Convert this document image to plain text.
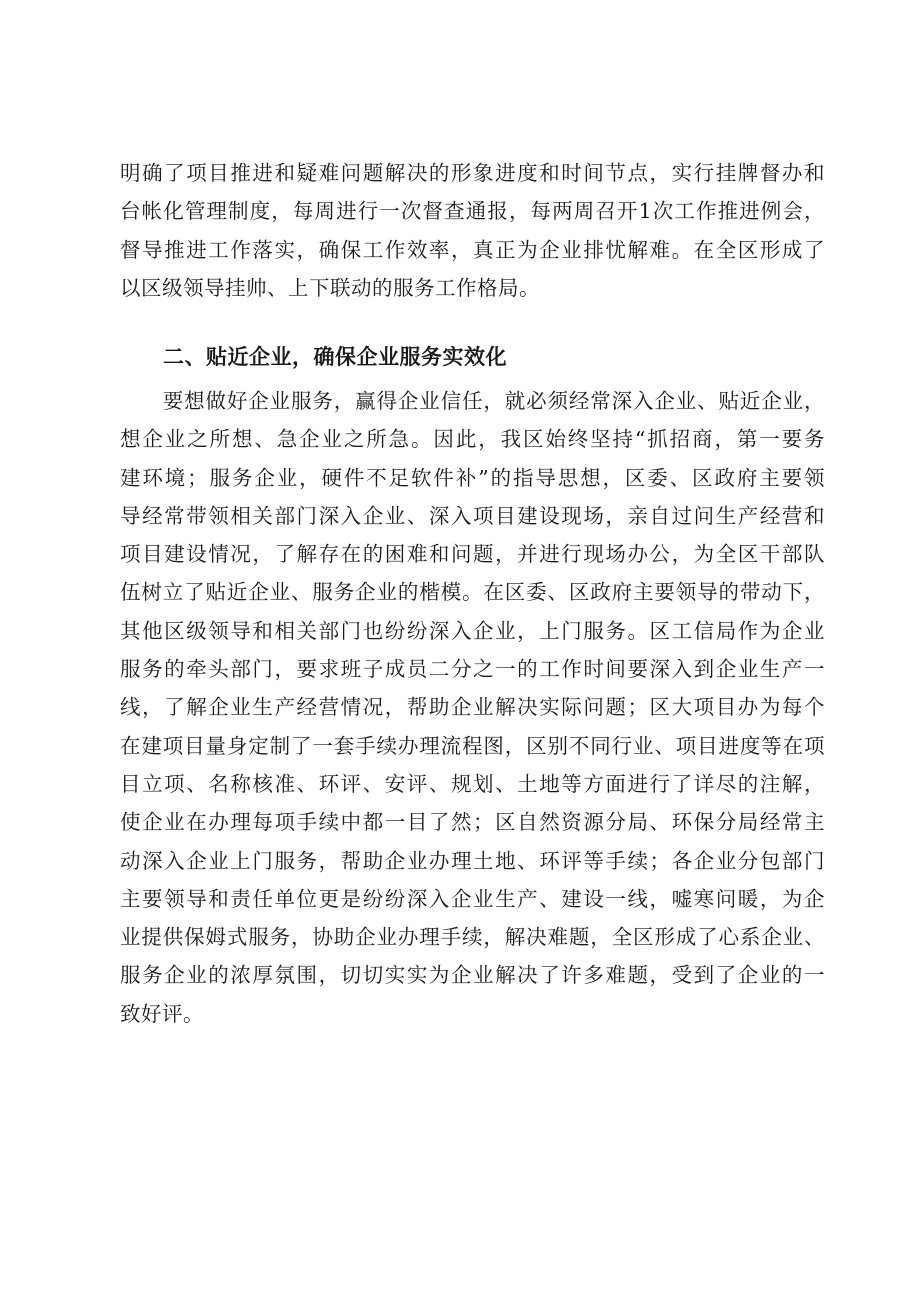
明确了项目推进和疑难问题解决的形象进度和时间节点，实行挂牌督办和
台帐化管理制度，每周进行一次督查通报，每两周召开1次工作推进例会，
督导推进工作落实，确保工作效率，真正为企业排忧解难。在全区形成了
以区级领导挂帅、上下联动的服务工作格局。

二、贴近企业，确保企业服务实效化

　　要想做好企业服务，赢得企业信任，就必须经常深入企业、贴近企业，
想企业之所想、急企业之所急。因此，我区始终坚持“抓招商，第一要务
建环境；服务企业，硬件不足软件补”的指导思想，区委、区政府主要领
导经常带领相关部门深入企业、深入项目建设现场，亲自过问生产经营和
项目建设情况，了解存在的困难和问题，并进行现场办公，为全区干部队
伍树立了贴近企业、服务企业的楷模。在区委、区政府主要领导的带动下，
其他区级领导和相关部门也纷纷深入企业，上门服务。区工信局作为企业
服务的牵头部门，要求班子成员二分之一的工作时间要深入到企业生产一
线，了解企业生产经营情况，帮助企业解决实际问题；区大项目办为每个
在建项目量身定制了一套手续办理流程图，区别不同行业、项目进度等在项
目立项、名称核准、环评、安评、规划、土地等方面进行了详尽的注解，
使企业在办理每项手续中都一目了然；区自然资源分局、环保分局经常主
动深入企业上门服务，帮助企业办理土地、环评等手续；各企业分包部门
主要领导和责任单位更是纷纷深入企业生产、建设一线，嘘寒问暖，为企
业提供保姆式服务，协助企业办理手续，解决难题，全区形成了心系企业、
服务企业的浓厚氛围，切切实实为企业解决了许多难题，受到了企业的一
致好评。
